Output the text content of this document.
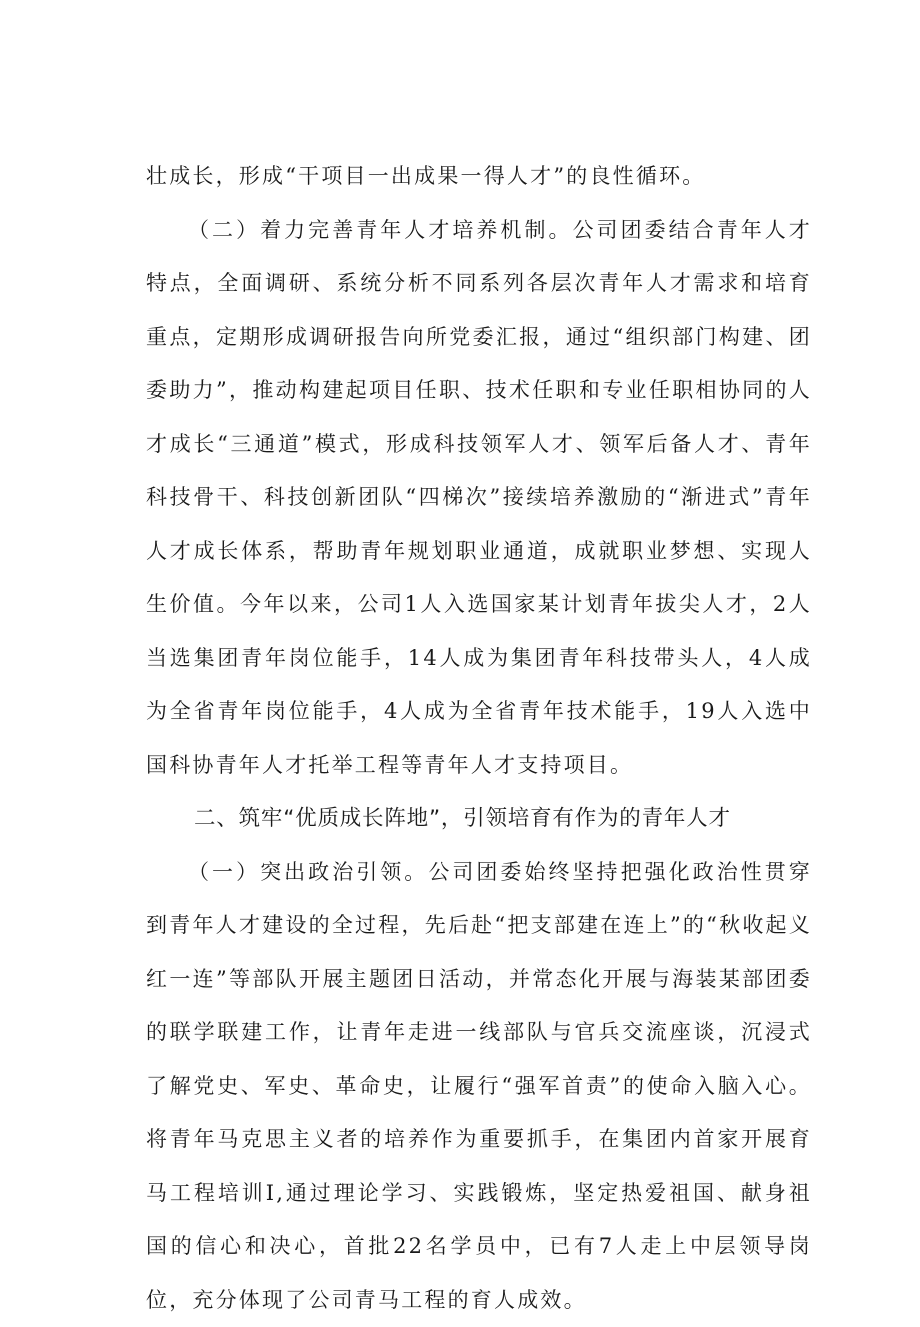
壮成长，形成“干项目一出成果一得人才”的良性循环。

（二）着力完善青年人才培养机制。公司团委结合青年人才特点，全面调研、系统分析不同系列各层次青年人才需求和培育重点，定期形成调研报告向所党委汇报，通过“组织部门构建、团委助力”，推动构建起项目任职、技术任职和专业任职相协同的人才成长“三通道”模式，形成科技领军人才、领军后备人才、青年科技骨干、科技创新团队“四梯次”接续培养激励的“渐进式”青年人才成长体系，帮助青年规划职业通道，成就职业梦想、实现人生价值。今年以来，公司1人入选国家某计划青年拔尖人才，2人当选集团青年岗位能手，14人成为集团青年科技带头人，4人成为全省青年岗位能手，4人成为全省青年技术能手，19人入选中国科协青年人才托举工程等青年人才支持项目。

二、筑牢“优质成长阵地”，引领培育有作为的青年人才

（一）突出政治引领。公司团委始终坚持把强化政治性贯穿到青年人才建设的全过程，先后赴“把支部建在连上”的“秋收起义红一连”等部队开展主题团日活动，并常态化开展与海装某部团委的联学联建工作，让青年走进一线部队与官兵交流座谈，沉浸式了解党史、军史、革命史，让履行“强军首责”的使命入脑入心。将青年马克思主义者的培养作为重要抓手，在集团内首家开展育马工程培训I,通过理论学习、实践锻炼，坚定热爱祖国、献身祖国的信心和决心，首批22名学员中，已有7人走上中层领导岗位，充分体现了公司青马工程的育人成效。
